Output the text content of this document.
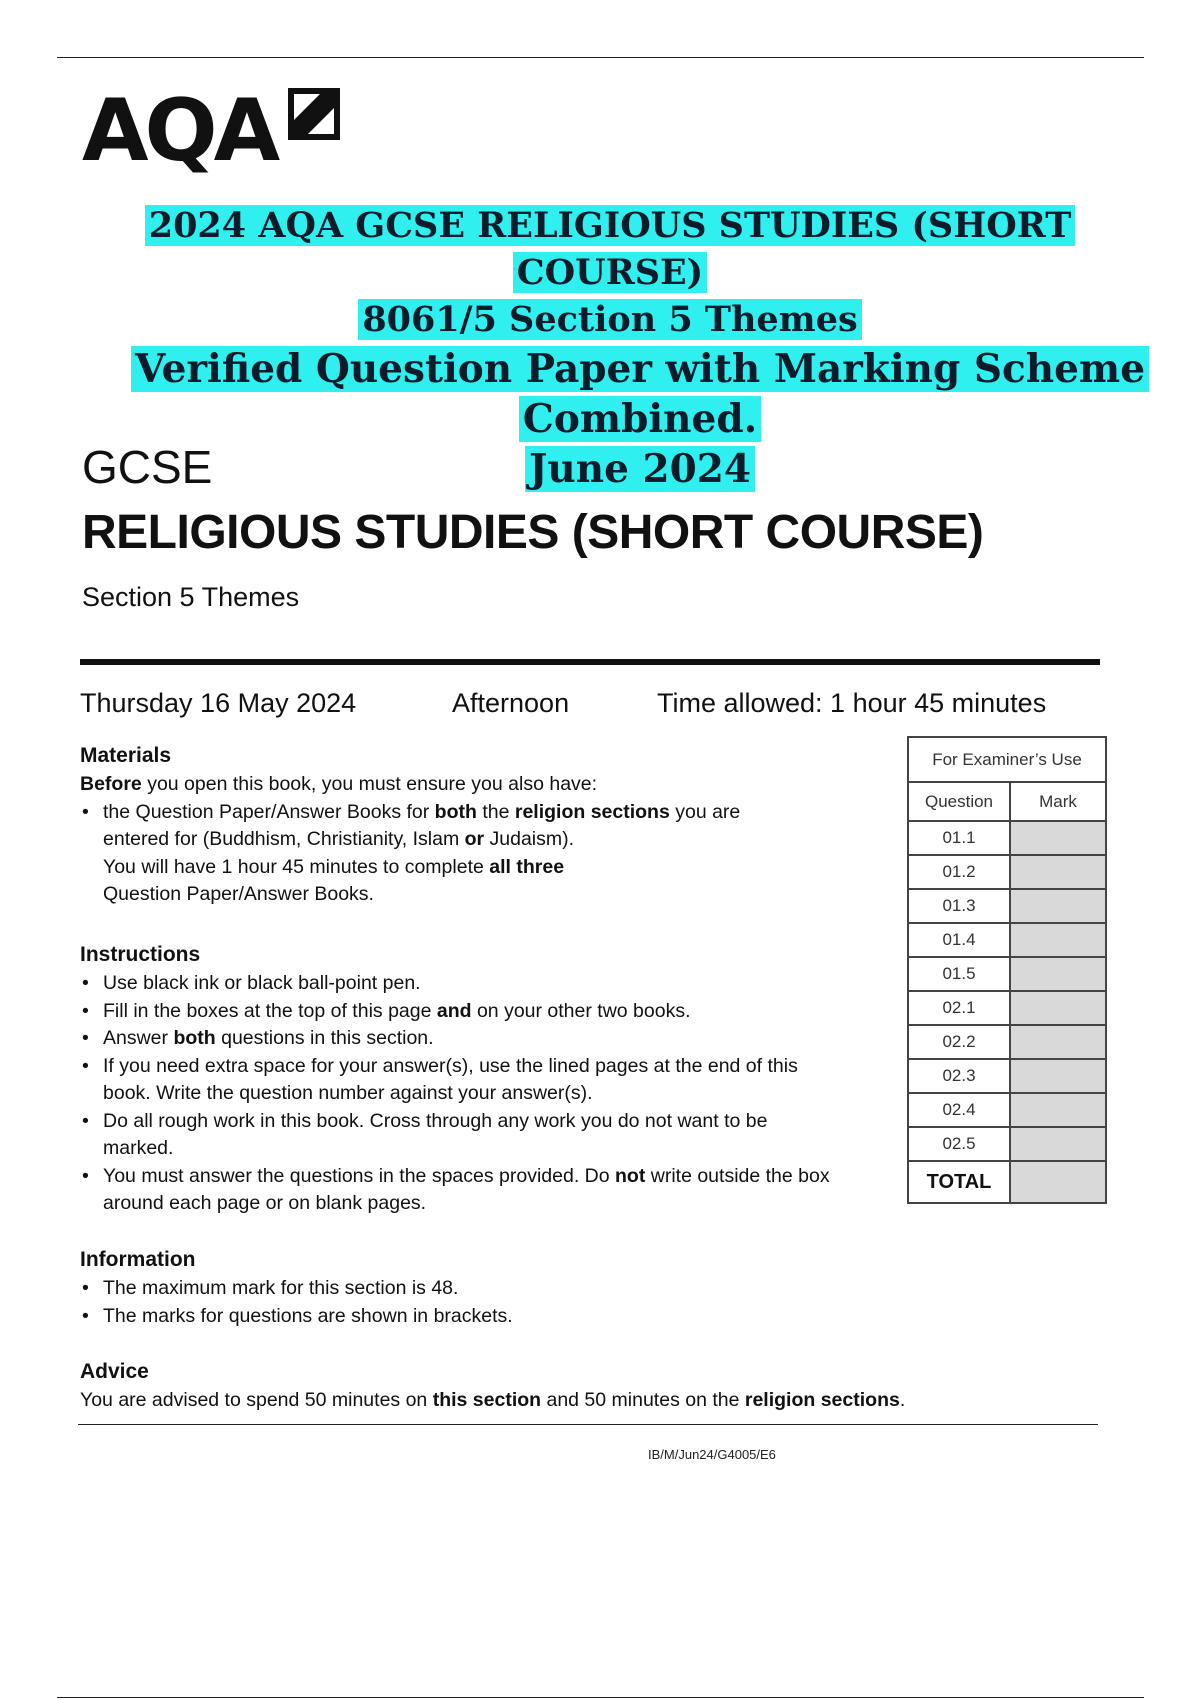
AQA
2024 AQA GCSE RELIGIOUS STUDIES (SHORT COURSE)
8061/5 Section 5 Themes
Verified Question Paper with Marking Scheme Combined.
June 2024
GCSE
RELIGIOUS STUDIES (SHORT COURSE)
Section 5 Themes
Thursday 16 May 2024	Afternoon	Time allowed: 1 hour 45 minutes
Materials

Before you open this book, you must ensure you also have:

• the Question Paper/Answer Books for both the religion sections you are entered for (Buddhism, Christianity, Islam or Judaism).
You will have 1 hour 45 minutes to complete all three
Question Paper/Answer Books.
Instructions
• Use black ink or black ball-point pen.
• Fill in the boxes at the top of this page and on your other two books.
• Answer both questions in this section.
• If you need extra space for your answer(s), use the lined pages at the end of this book. Write the question number against your answer(s).
• Do all rough work in this book. Cross through any work you do not want to be marked.
• You must answer the questions in the spaces provided. Do not write outside the box around each page or on blank pages.
Information
• The maximum mark for this section is 48.
• The marks for questions are shown in brackets.
Advice

You are advised to spend 50 minutes on this section and 50 minutes on the religion sections.

For Examiner’s Use	
Question	Mark
01.1	
01.2	
01.3	
01.4	
01.5	
02.1	
02.2	
02.3	
02.4	
02.5	
TOTAL	
IB/M/Jun24/G4005/E6
